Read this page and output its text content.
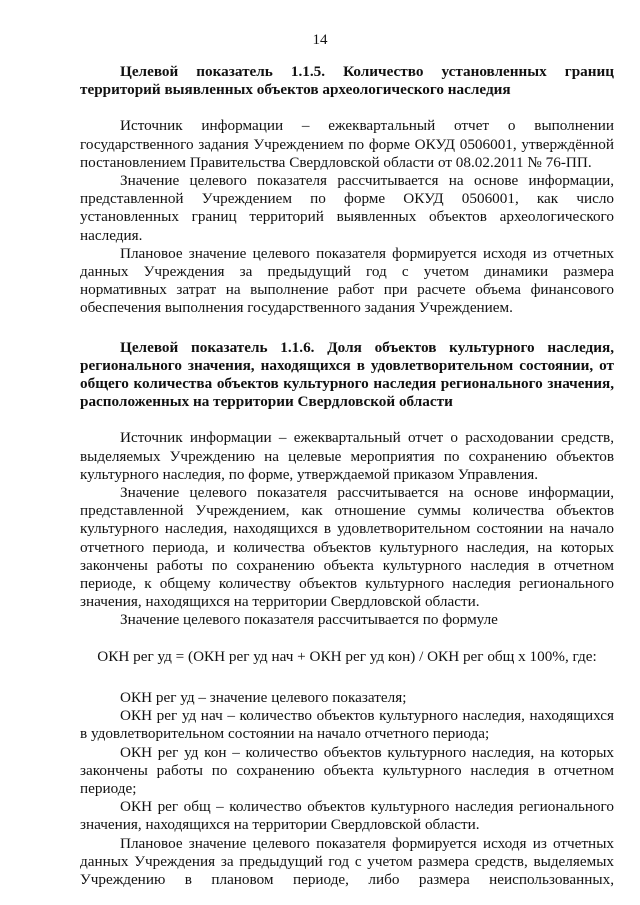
14

Целевой показатель 1.1.5. Количество установленных границ территорий выявленных объектов археологического наследия

Источник информации – ежеквартальный отчет о выполнении государственного задания Учреждением по форме ОКУД 0506001, утверждённой постановлением Правительства Свердловской области от 08.02.2011 № 76-ПП.

Значение целевого показателя рассчитывается на основе информации, представленной Учреждением по форме ОКУД 0506001, как число установленных границ территорий выявленных объектов археологического наследия.

Плановое значение целевого показателя формируется исходя из отчетных данных Учреждения за предыдущий год с учетом динамики размера нормативных затрат на выполнение работ при расчете объема финансового обеспечения выполнения государственного задания Учреждением.

Целевой показатель 1.1.6. Доля объектов культурного наследия, регионального значения, находящихся в удовлетворительном состоянии, от общего количества объектов культурного наследия регионального значения, расположенных на территории Свердловской области

Источник информации – ежеквартальный отчет о расходовании средств, выделяемых Учреждению на целевые мероприятия по сохранению объектов культурного наследия, по форме, утверждаемой приказом Управления.

Значение целевого показателя рассчитывается на основе информации, представленной Учреждением, как отношение суммы количества объектов культурного наследия, находящихся в удовлетворительном состоянии на начало отчетного периода, и количества объектов культурного наследия, на которых закончены работы по сохранению объекта культурного наследия в отчетном периоде, к общему количеству объектов культурного наследия регионального значения, находящихся на территории Свердловской области.

Значение целевого показателя рассчитывается по формуле

ОКН рег уд = (ОКН рег уд нач + ОКН рег уд кон) / ОКН рег общ x 100%, где:

ОКН рег уд – значение целевого показателя;

ОКН рег уд нач – количество объектов культурного наследия, находящихся в удовлетворительном состоянии на начало отчетного периода;

ОКН рег уд кон – количество объектов культурного наследия, на которых закончены работы по сохранению объекта культурного наследия в отчетном периоде;

ОКН рег общ – количество объектов культурного наследия регионального значения, находящихся на территории Свердловской области.

Плановое значение целевого показателя формируется исходя из отчетных данных Учреждения за предыдущий год с учетом размера средств, выделяемых Учреждению в плановом периоде, либо размера неиспользованных,
